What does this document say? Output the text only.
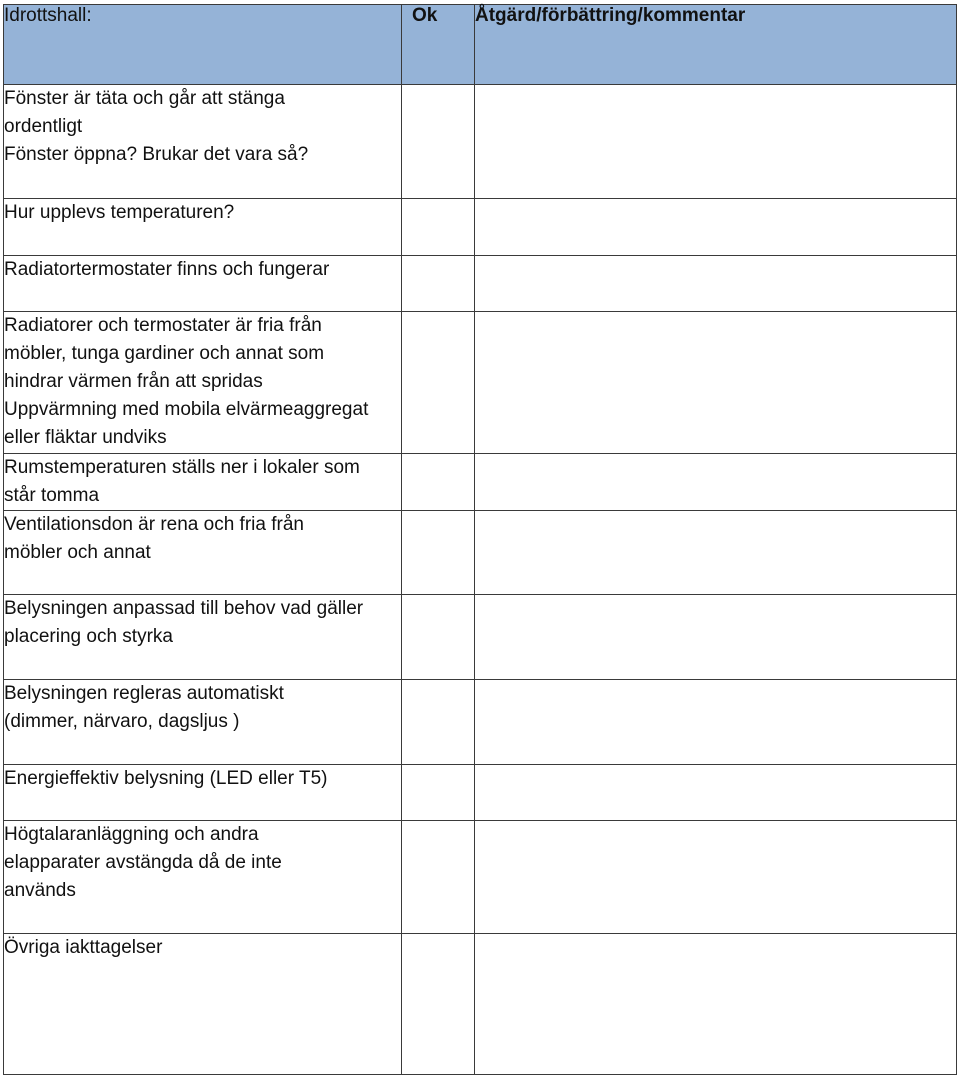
Idrottshall:	Ok	Åtgärd/förbättring/kommentar

Fönster är täta och går att stänga ordentligt
Fönster öppna? Brukar det vara så?		

Hur upplevs temperaturen?		

Radiatortermostater finns och fungerar		

Radiatorer och termostater är fria från möbler, tunga gardiner och annat som hindrar värmen från att spridas
Uppvärmning med mobila elvärmeaggregat eller fläktar undviks		

Rumstemperaturen ställs ner i lokaler som står tomma		

Ventilationsdon är rena och fria från möbler och annat		

Belysningen anpassad till behov vad gäller placering och styrka		

Belysningen regleras automatiskt (dimmer, närvaro, dagsljus )		

Energieffektiv belysning (LED eller T5)		

Högtalaranläggning och andra elapparater avstängda då de inte används		

Övriga iakttagelser		
